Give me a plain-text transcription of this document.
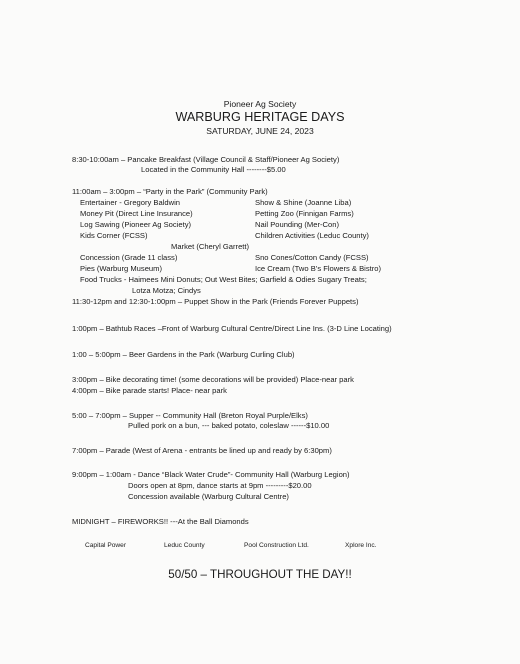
Pioneer Ag Society
WARBURG HERITAGE DAYS
SATURDAY, JUNE 24, 2023
8:30-10:00am – Pancake Breakfast (Village Council & Staff/Pioneer Ag Society)
Located in the Community Hall --------$5.00
11:00am – 3:00pm – “Party in the Park” (Community Park)
Entertainer - Gregory Baldwin	Show & Shine (Joanne Liba)
Money Pit (Direct Line Insurance)	Petting Zoo (Finnigan Farms)
Log Sawing (Pioneer Ag Society)	Nail Pounding (Mer-Con)
Kids Corner (FCSS)	Children Activities (Leduc County)
Market (Cheryl Garrett)
Concession (Grade 11 class)	Sno Cones/Cotton Candy (FCSS)
Pies (Warburg Museum)	Ice Cream (Two B’s Flowers & Bistro)
Food Trucks - Haimees Mini Donuts; Out West Bites; Garfield & Odies Sugary Treats;
Lotza Motza; Cindys
11:30-12pm and 12:30-1:00pm – Puppet Show in the Park (Friends Forever Puppets)
1:00pm – Bathtub Races –Front of Warburg Cultural Centre/Direct Line Ins. (3-D Line Locating)
1:00 – 5:00pm – Beer Gardens in the Park (Warburg Curling Club)
3:00pm – Bike decorating time! (some decorations will be provided) Place-near park
4:00pm – Bike parade starts! Place- near park
5:00 – 7:00pm – Supper -- Community Hall (Breton Royal Purple/Elks)
Pulled pork on a bun, --- baked potato, coleslaw ------$10.00
7:00pm – Parade (West of Arena - entrants be lined up and ready by 6:30pm)
9:00pm – 1:00am - Dance “Black Water Crude”- Community Hall (Warburg Legion)
Doors open at 8pm, dance starts at 9pm ---------$20.00
Concession available (Warburg Cultural Centre)
MIDNIGHT – FIREWORKS!! ---At the Ball Diamonds
Capital Power	Leduc County	Pool Construction Ltd.	Xplore Inc.
50/50 – THROUGHOUT THE DAY!!
